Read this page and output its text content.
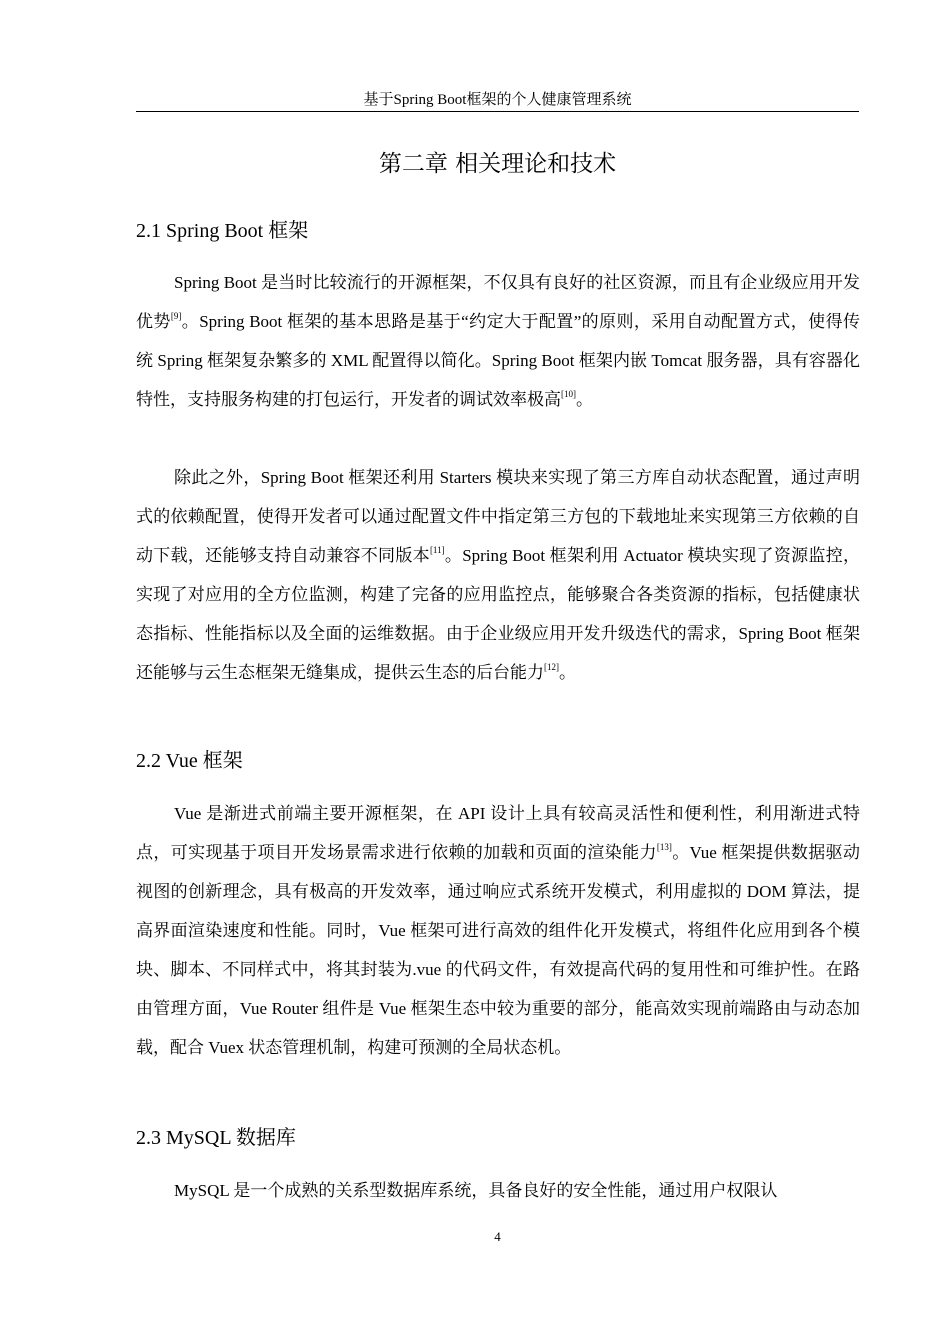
基于Spring Boot框架的个人健康管理系统
第二章 相关理论和技术
2.1 Spring Boot 框架

Spring Boot 是当时比较流行的开源框架，不仅具有良好的社区资源，而且有企业级应用开发优势[9]。Spring Boot 框架的基本思路是基于“约定大于配置”的原则，采用自动配置方式，使得传统 Spring 框架复杂繁多的 XML 配置得以简化。Spring Boot 框架内嵌 Tomcat 服务器，具有容器化特性，支持服务构建的打包运行，开发者的调试效率极高[10]。

除此之外，Spring Boot 框架还利用 Starters 模块来实现了第三方库自动状态配置，通过声明式的依赖配置，使得开发者可以通过配置文件中指定第三方包的下载地址来实现第三方依赖的自动下载，还能够支持自动兼容不同版本[11]。Spring Boot 框架利用 Actuator 模块实现了资源监控，实现了对应用的全方位监测，构建了完备的应用监控点，能够聚合各类资源的指标，包括健康状态指标、性能指标以及全面的运维数据。由于企业级应用开发升级迭代的需求，Spring Boot 框架还能够与云生态框架无缝集成，提供云生态的后台能力[12]。

2.2 Vue 框架

Vue 是渐进式前端主要开源框架，在 API 设计上具有较高灵活性和便利性，利用渐进式特点，可实现基于项目开发场景需求进行依赖的加载和页面的渲染能力[13]。Vue 框架提供数据驱动视图的创新理念，具有极高的开发效率，通过响应式系统开发模式，利用虚拟的 DOM 算法，提高界面渲染速度和性能。同时，Vue 框架可进行高效的组件化开发模式，将组件化应用到各个模块、脚本、不同样式中，将其封装为.vue 的代码文件，有效提高代码的复用性和可维护性。在路由管理方面，Vue Router 组件是 Vue 框架生态中较为重要的部分，能高效实现前端路由与动态加载，配合 Vuex 状态管理机制，构建可预测的全局状态机。

2.3 MySQL 数据库

MySQL 是一个成熟的关系型数据库系统，具备良好的安全性能，通过用户权限认

4
